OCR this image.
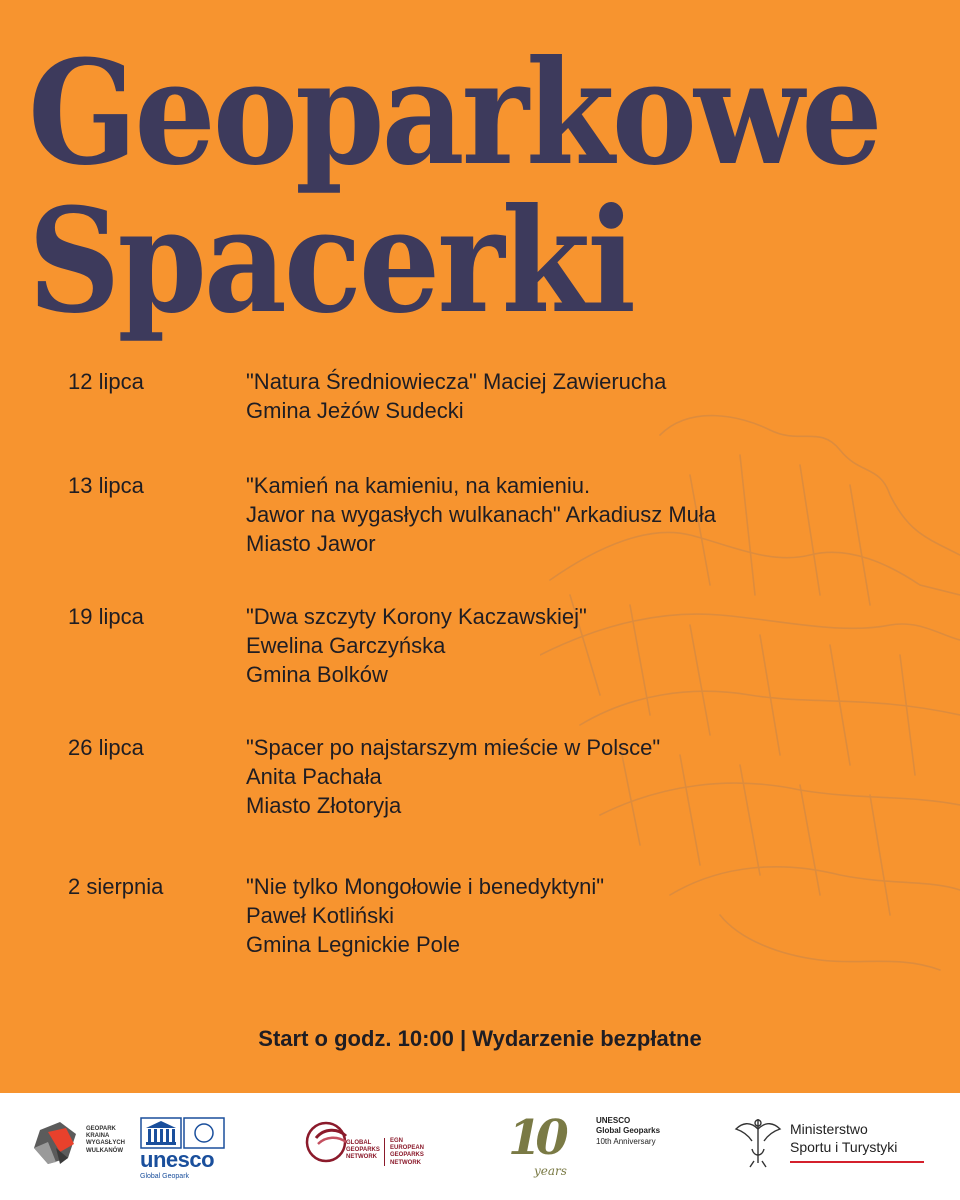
Geoparkowe
Spacerki
12 lipca	"Natura Średniowiecza" Maciej Zawierucha
Gmina Jeżów Sudecki
13 lipca	"Kamień na kamieniu, na kamieniu.
Jawor na wygasłych wulkanach" Arkadiusz Muła
Miasto Jawor
19 lipca	"Dwa szczyty Korony Kaczawskiej"
Ewelina Garczyńska
Gmina Bolków
26 lipca	"Spacer po najstarszym mieście w Polsce"
Anita Pachała
Miasto Złotoryja
2 sierpnia	"Nie tylko Mongołowie i benedyktyni"
Paweł Kotliński
Gmina Legnickie Pole
Start o godz. 10:00 | Wydarzenie bezpłatne
GEOPARK
KRAINA
WYGASŁYCH
WULKANÓW unesco
Global Geopark
GLOBAL
GEOPARKS
NETWORK
EGN
EUROPEAN
GEOPARKS
NETWORK 10
years
UNESCO
Global Geoparks
10th Anniversary
Ministerstwo
Sportu i Turystyki
